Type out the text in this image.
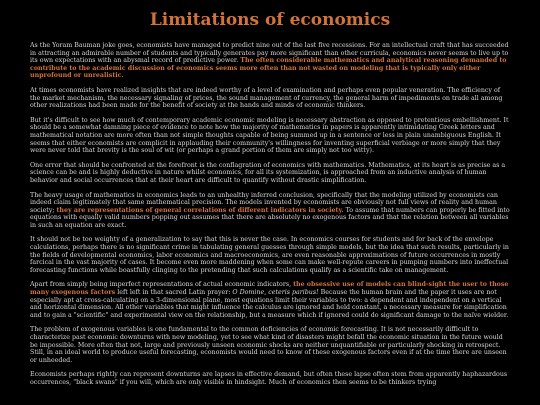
Limitations of economics

As the Yoram Bauman joke goes, economists have managed to predict nine out of the last five recessions. For an intellectual craft that has succeeded in attracting an admirable number of students and typically generates pay more significant than other curricula, economics never seems to live up to its own expectations with an abysmal record of predictive power. The often considerable mathematics and analytical reasoning demanded to contribute to the academic discussion of economics seems more often than not wasted on modeling that is typically only either unprofound or unrealistic.

At times economists have realized insights that are indeed worthy of a level of examination and perhaps even popular veneration. The efficiency of the market mechanism, the necessary signaling of prices, the sound management of currency, the general harm of impediments on trade all among other realizations had been made for the benefit of society at the hands and minds of economic thinkers.

But it's difficult to see how much of contemporary academic economic modeling is necessary abstraction as opposed to pretentious embellishment. It should be a somewhat damning piece of evidence to note how the majority of mathematics in papers is apparently intimidating Greek letters and mathematical notation are more often than not simple thoughts capable of being summed up in a sentence or less in plain unambiguous English. It seems that either economists are complicit in applauding their community's willingness for inventing superficial verbiage or more simply that they were never told that brevity is the soul of wit (or perhaps a grand portion of them are simply not too witty).

One error that should be confronted at the forefront is the conflagration of economics with mathematics. Mathematics, at its heart is as precise as a science can be and is highly deductive in nature whilst economics, for all its systemization, is approached from an inductive analysis of human behavior and social occurrences that at their heart are difficult to quantify without drastic simplification.

The heavy usage of mathematics in economics leads to an unhealthy inferred conclusion, specifically that the modeling utilized by economists can indeed claim legitimately that same mathematical precision. The models invented by economists are obviously not full views of reality and human society; they are representations of general correlations of different indicators in society. To assume that numbers can properly be fitted into equations with equally valid numbers popping out assumes that there are absolutely no exogenous factors and that the relation between all variables in such an equation are exact.

It should not be too weighty of a generalization to say that this is never the case. In economics courses for students and for back of the envelope calculations, perhaps there is no significant crime in tabulating general guesses through simple models, but the idea that such results, particularly in the fields of developmental economics, labor economics and macroeconomics, are even reasonable approximations of future occurrences in mostly farcical in the vast majority of cases. It become even more maddening when some can make well-repute careers in pumping numbers into ineffectual forecasting functions while boastfully clinging to the pretending that such calculations qualify as a scientific take on management.

Apart from simply being imperfect representations of actual economic indicators, the obsessive use of models can blind-sight the user to those many exogenous factors left left in that sacred Latin prayer: O Domine, ceteris paribus! Because the human brain and the paper it uses are not especially apt at cross-calculating on a 3-dimensional plane, most equations limit their variables to two: a dependent and independent on a vertical and horizontal dimension. All other variables that might influence the calculus are ignored and held constant, a necessary measure for simplification and to gain a "scientific" and experimental view on the relationship, but a measure which if ignored could do significant damage to the naïve wielder.

The problem of exogenous variables is one fundamental to the common deficiencies of economic forecasting. It is not necessarily difficult to characterize past economic downturns with new modeling, yet to see what kind of disasters might befall the economic situation in the future would be impossible. More often that not, large and previously unseen economic shocks are neither unquantifiable or particularly shocking in retrospect. Still, in an ideal world to produce useful forecasting, economists would need to know of these exogenous factors even if at the time there are unseen or unheeded.

Economists perhaps rightly can represent downturns are lapses in effective demand, but often these lapse often stem from apparently haphazardous occurrences, "black swans" if you will, which are only visible in hindsight. Much of economics then seems to be thinkers trying
